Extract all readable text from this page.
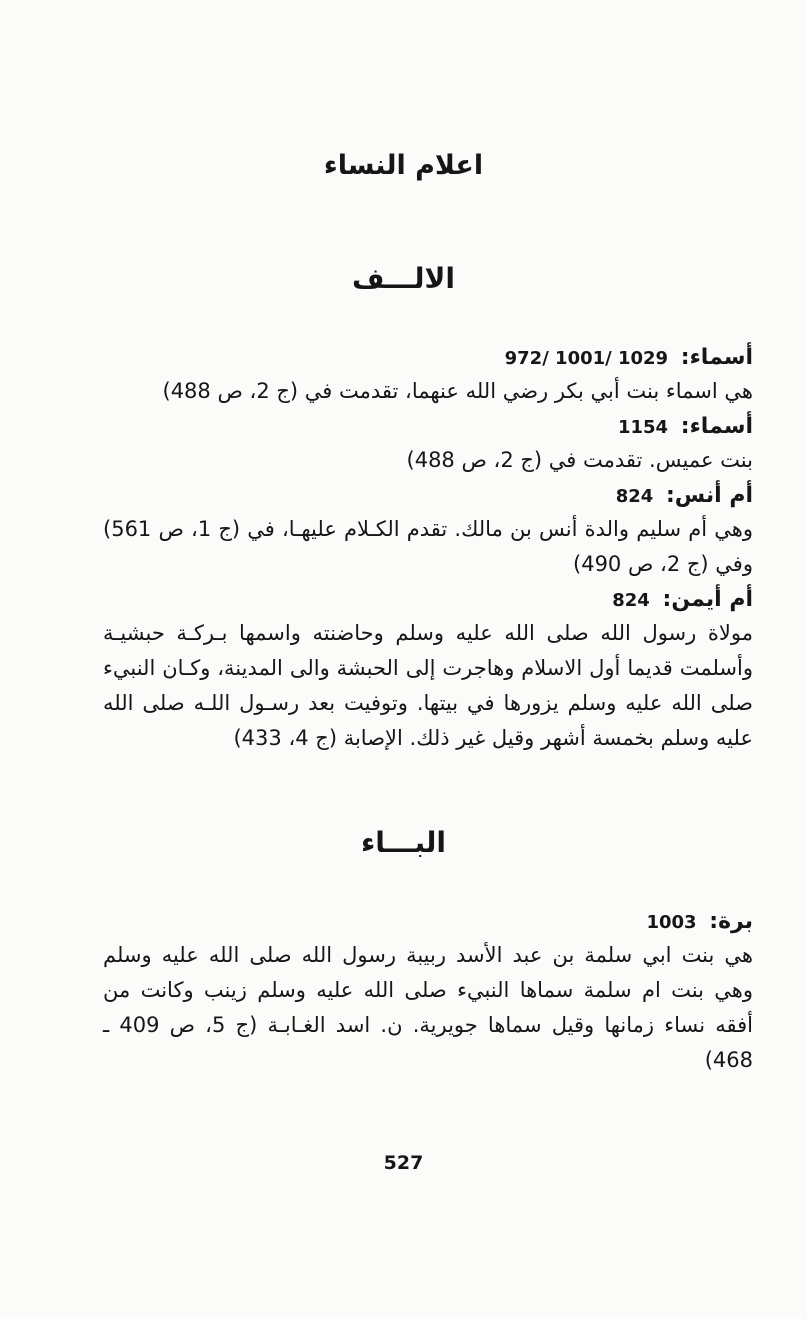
اعلام النساء
الالـــف
أسماء: 972/ 1001/ 1029
هي اسماء بنت أبي بكر رضي الله عنهما، تقدمت في (ج 2، ص 488)
أسماء: 1154
بنت عميس. تقدمت في (ج 2، ص 488)
أم أنس: 824
وهي أم سليم والدة أنس بن مالك. تقدم الكـلام عليهـا، في (ج 1، ص 561) وفي (ج 2، ص 490)
أم أيمن: 824
مولاة رسول الله صلى الله عليه وسلم وحاضنته واسمها بـركـة حبشيـة وأسلمت قديما أول الاسلام وهاجرت إلى الحبشة والى المدينة، وكـان النبيء صلى الله عليه وسلم يزورها في بيتها. وتوفيت بعد رسـول اللـه صلى الله عليه وسلم بخمسة أشهر وقيل غير ذلك. الإصابة (ج 4، 433)
البـــاء
برة: 1003
هي بنت ابي سلمة بن عبد الأسد ربيبة رسول الله صلى الله عليه وسلم وهي بنت ام سلمة سماها النبيء صلى الله عليه وسلم زينب وكانت من أفقه نساء زمانها وقيل سماها جويرية. ن. اسد الغـابـة (ج 5، ص 409 ـ 468)
527
